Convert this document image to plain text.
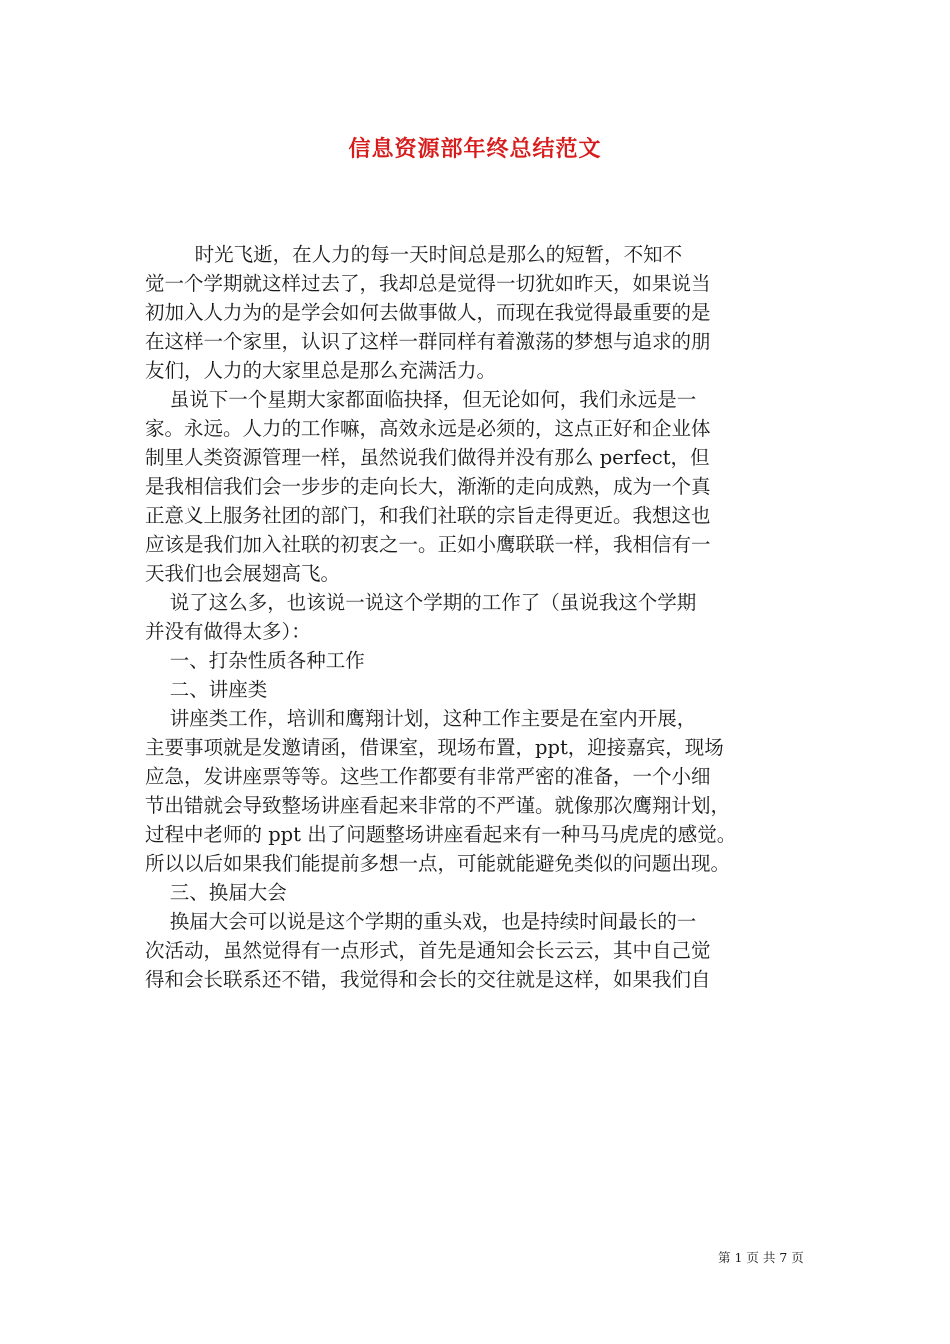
信息资源部年终总结范文
时光飞逝，在人力的每一天时间总是那么的短暂，不知不
觉一个学期就这样过去了，我却总是觉得一切犹如昨天，如果说当
初加入人力为的是学会如何去做事做人，而现在我觉得最重要的是
在这样一个家里，认识了这样一群同样有着激荡的梦想与追求的朋
友们，人力的大家里总是那么充满活力。
虽说下一个星期大家都面临抉择，但无论如何，我们永远是一
家。永远。人力的工作嘛，高效永远是必须的，这点正好和企业体
制里人类资源管理一样，虽然说我们做得并没有那么 perfect，但
是我相信我们会一步步的走向长大，渐渐的走向成熟，成为一个真
正意义上服务社团的部门，和我们社联的宗旨走得更近。我想这也
应该是我们加入社联的初衷之一。正如小鹰联联一样，我相信有一
天我们也会展翅高飞。
说了这么多，也该说一说这个学期的工作了（虽说我这个学期
并没有做得太多）：
一、打杂性质各种工作
二、讲座类
讲座类工作，培训和鹰翔计划，这种工作主要是在室内开展，
主要事项就是发邀请函，借课室，现场布置，ppt，迎接嘉宾，现场
应急，发讲座票等等。这些工作都要有非常严密的准备，一个小细
节出错就会导致整场讲座看起来非常的不严谨。就像那次鹰翔计划，
过程中老师的 ppt 出了问题整场讲座看起来有一种马马虎虎的感觉。
所以以后如果我们能提前多想一点，可能就能避免类似的问题出现。
三、换届大会
换届大会可以说是这个学期的重头戏，也是持续时间最长的一
次活动，虽然觉得有一点形式，首先是通知会长云云，其中自己觉
得和会长联系还不错，我觉得和会长的交往就是这样，如果我们自
第 1 页 共 7 页
